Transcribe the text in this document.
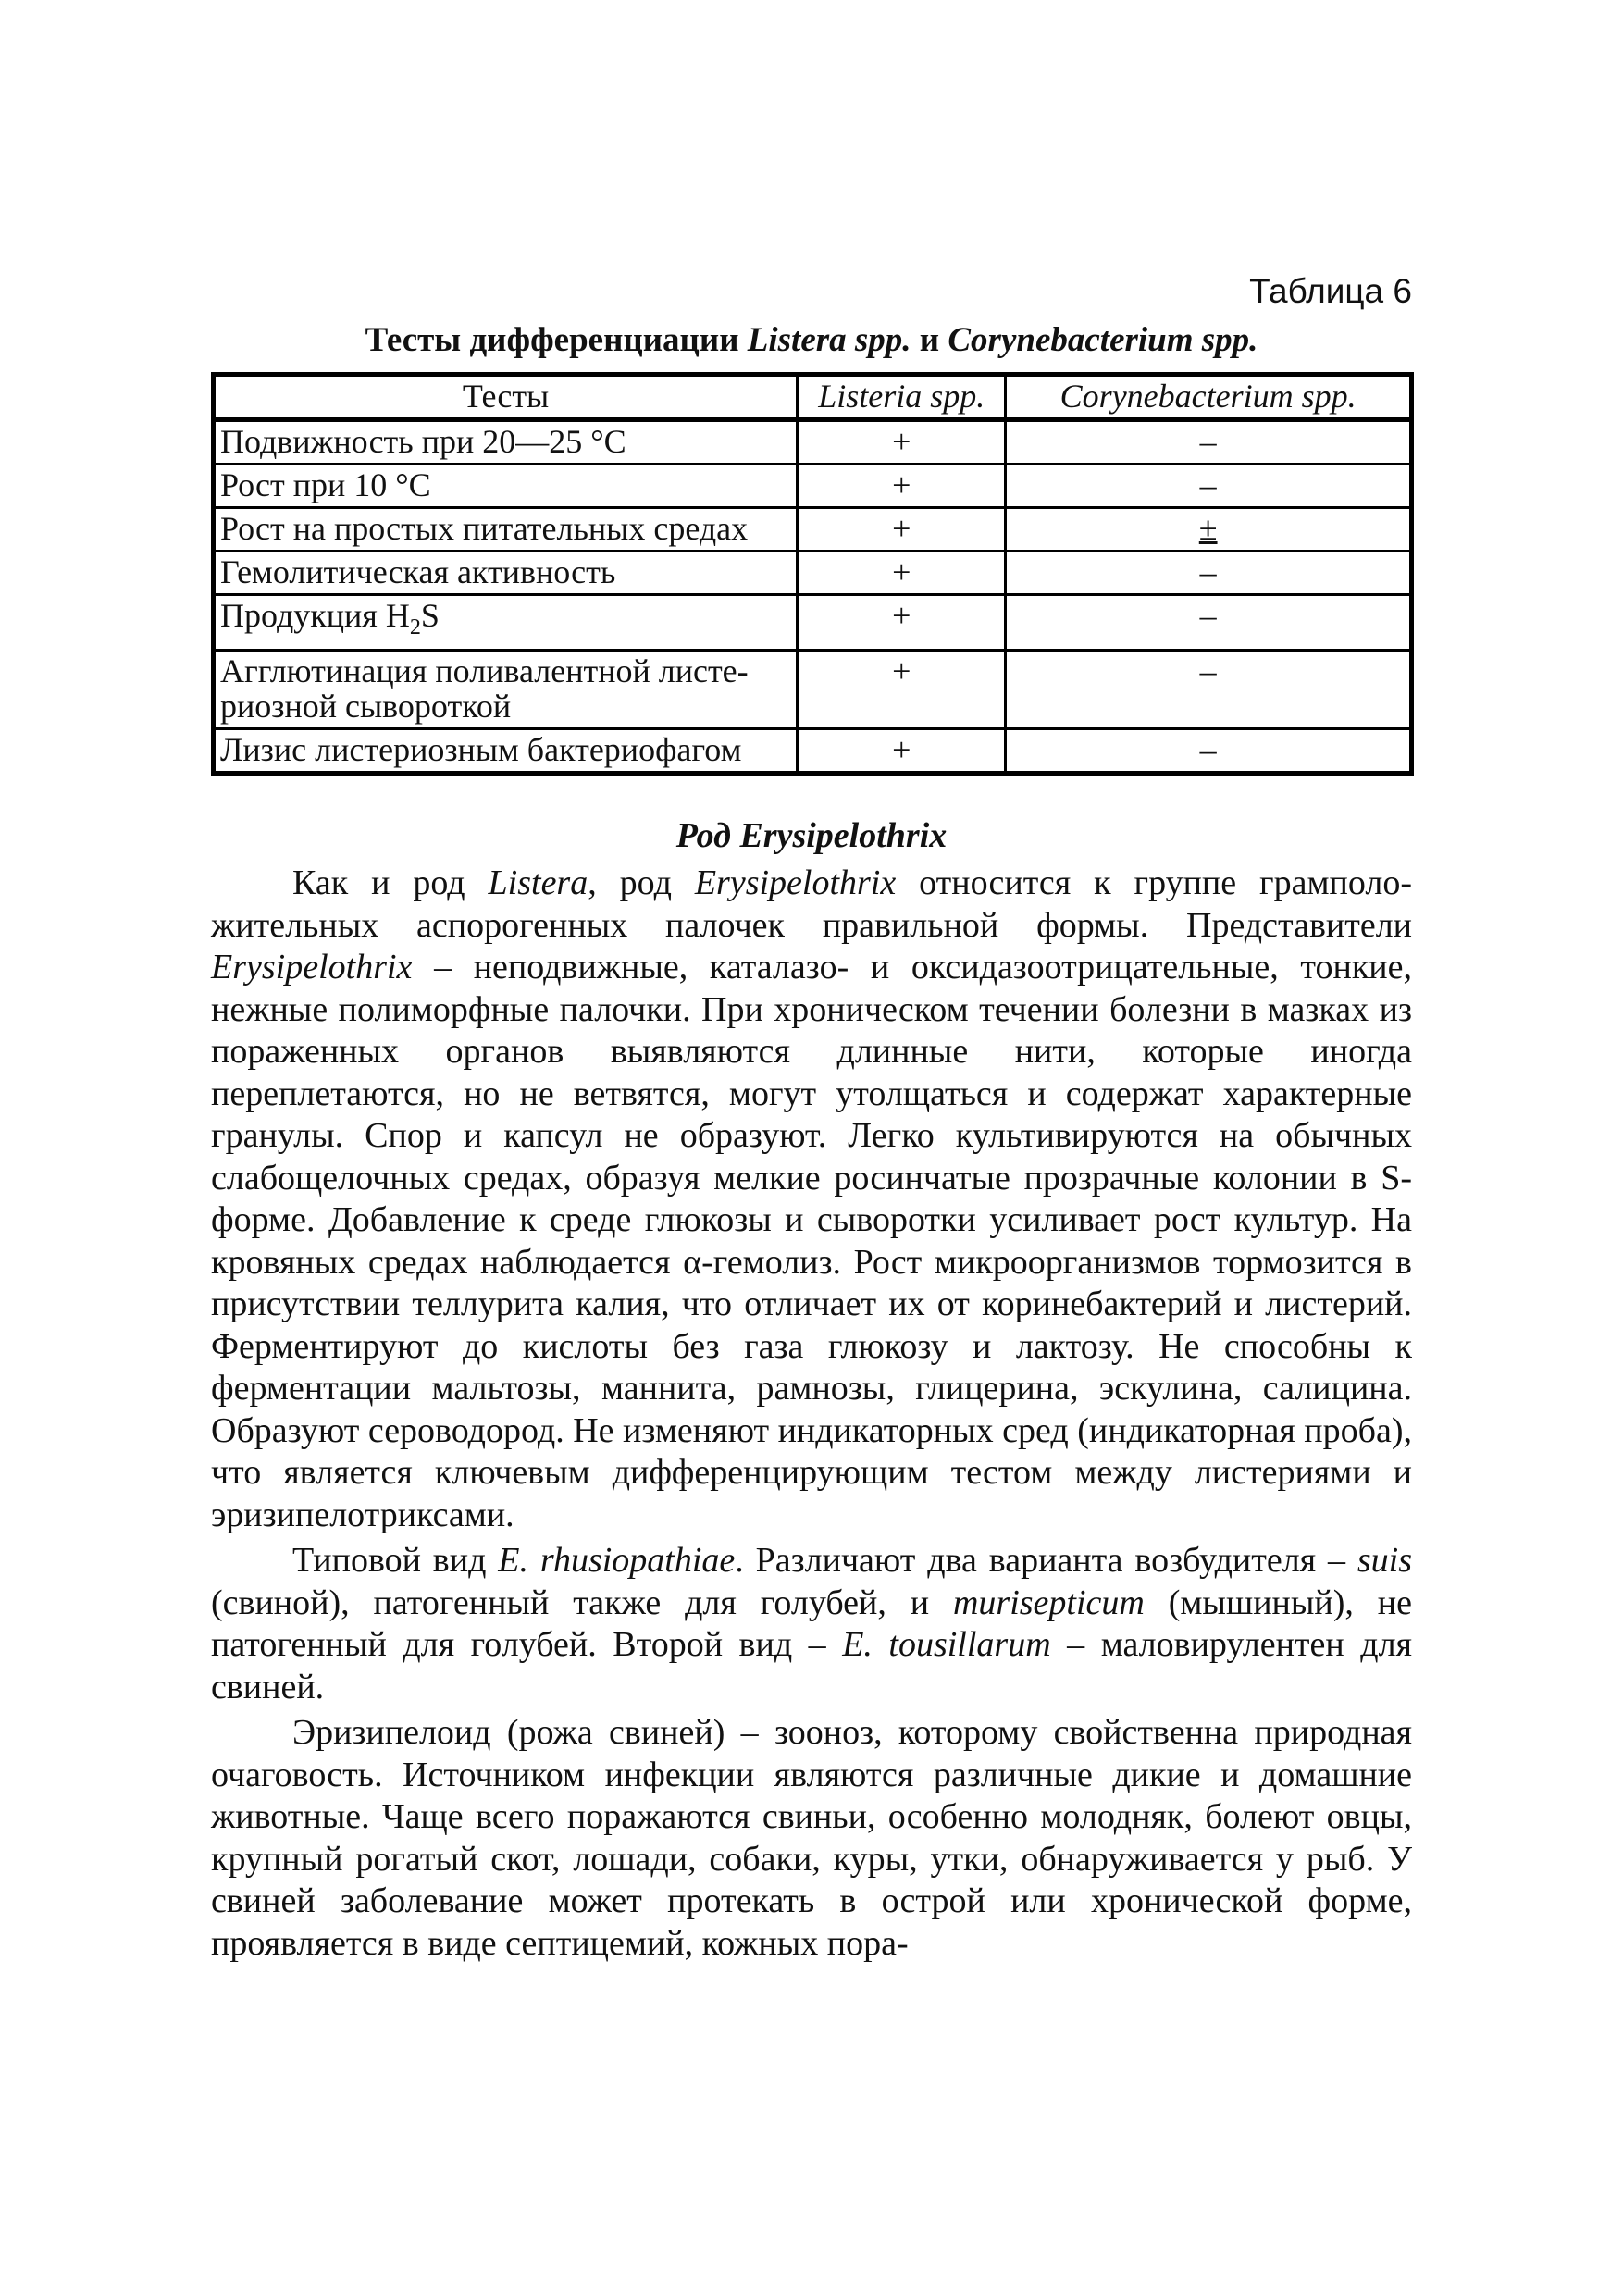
Таблица 6
Тесты дифференциации Listera spp. и Corynebacterium spp.
Тесты	Listeria spp.	Corynebacterium spp.
Подвижность при 20—25 °С	+	–
Рост при 10 °С	+	–
Рост на простых питательных средах	+	±
Гемолитическая активность	+	–
Продукция $H_2S$	+	–
Агглютинация поливалентной листе-
риозной сывороткой	+	–
Лизис листериозным бактериофагом	+	–
Род Erysipelothrix

Как и род Listera, род Erysipelothrix относится к группе грамположительных аспорогенных палочек правильной формы. Представители Erysipelothrix – неподвижные, каталазо- и оксидазоотрицательные, тонкие, нежные полиморфные палочки. При хроническом течении болезни в мазках из пораженных органов выявляются длинные нити, которые иногда переплетаются, но не ветвятся, могут утолщаться и содержат характерные гранулы. Спор и капсул не образуют. Легко культивируются на обычных слабощелочных средах, образуя мелкие росинчатые прозрачные колонии в S-форме. Добавление к среде глюкозы и сыворотки усиливает рост культур. На кровяных средах наблюдается α-гемолиз. Рост микроорганизмов тормозится в присутствии теллурита калия, что отличает их от коринебактерий и листерий. Ферментируют до кислоты без газа глюкозу и лактозу. Не способны к ферментации мальтозы, маннита, рамнозы, глицерина, эскулина, салицина. Образуют сероводород. Не изменяют индикаторных сред (индикаторная проба), что является ключевым дифференцирующим тестом между листериями и эризипелотриксами.

Типовой вид E. rhusiopathiae. Различают два варианта возбудителя – suis (свиной), патогенный также для голубей, и murisepticum (мышиный), не патогенный для голубей. Второй вид – E. tousillarum – маловирулентен для свиней.

Эризипелоид (рожа свиней) – зооноз, которому свойственна природная очаговость. Источником инфекции являются различные дикие и домашние животные. Чаще всего поражаются свиньи, особенно молодняк, болеют овцы, крупный рогатый скот, лошади, собаки, куры, утки, обнаруживается у рыб. У свиней заболевание может протекать в острой или хронической форме, проявляется в виде септицемий, кожных пора-
